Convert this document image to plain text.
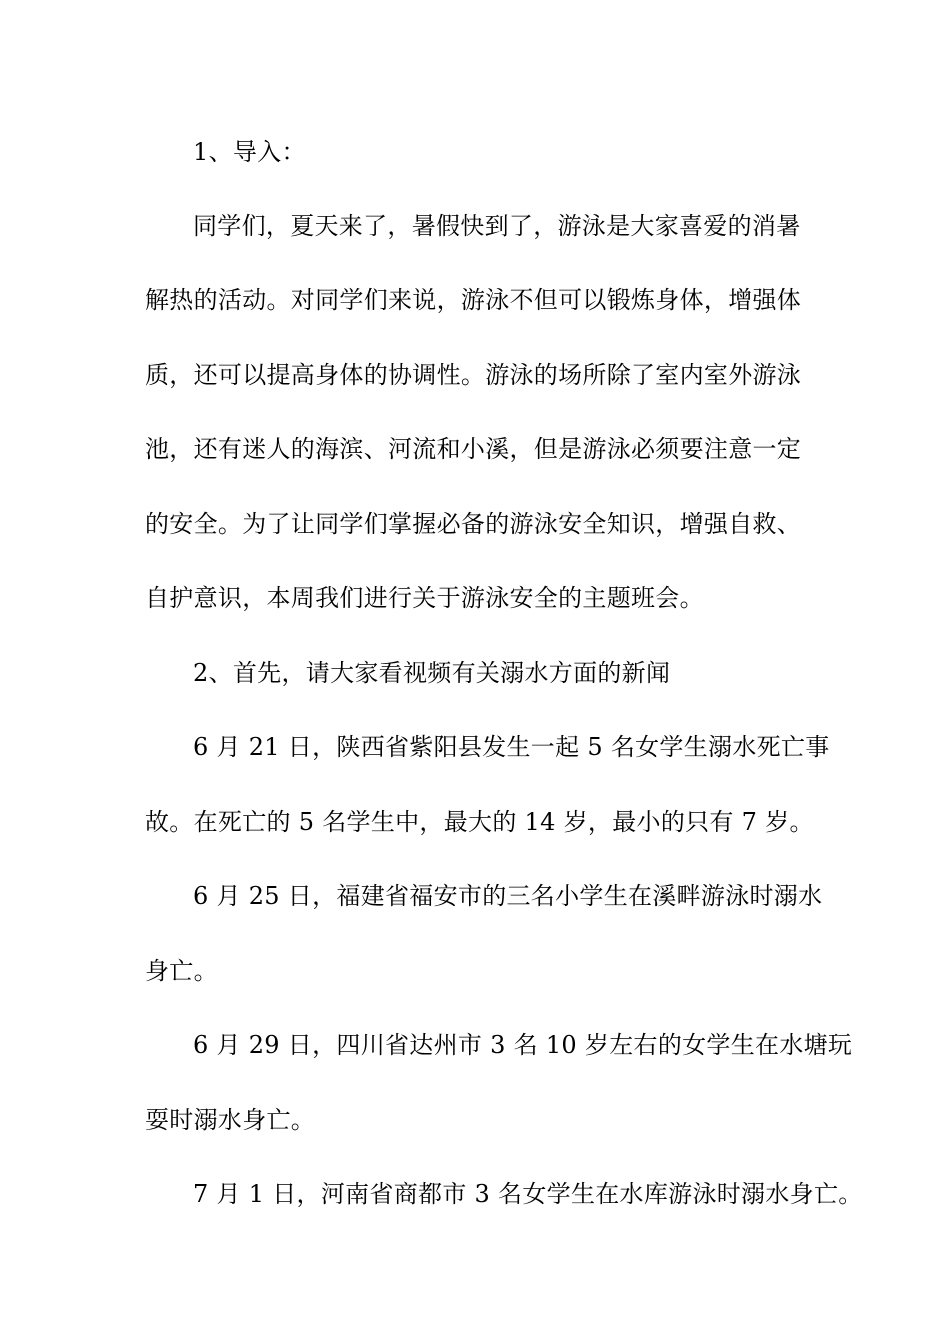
1、导入：
同学们，夏天来了，暑假快到了，游泳是大家喜爱的消暑
解热的活动。对同学们来说，游泳不但可以锻炼身体，增强体
质，还可以提高身体的协调性。游泳的场所除了室内室外游泳
池，还有迷人的海滨、河流和小溪，但是游泳必须要注意一定
的安全。为了让同学们掌握必备的游泳安全知识，增强自救、
自护意识，本周我们进行关于游泳安全的主题班会。
2、首先，请大家看视频有关溺水方面的新闻
6 月 21 日，陕西省紫阳县发生一起 5 名女学生溺水死亡事
故。在死亡的 5 名学生中，最大的 14 岁，最小的只有 7 岁。
6 月 25 日，福建省福安市的三名小学生在溪畔游泳时溺水
身亡。
6 月 29 日，四川省达州市 3 名 10 岁左右的女学生在水塘玩
耍时溺水身亡。
7 月 1 日，河南省商都市 3 名女学生在水库游泳时溺水身亡。
